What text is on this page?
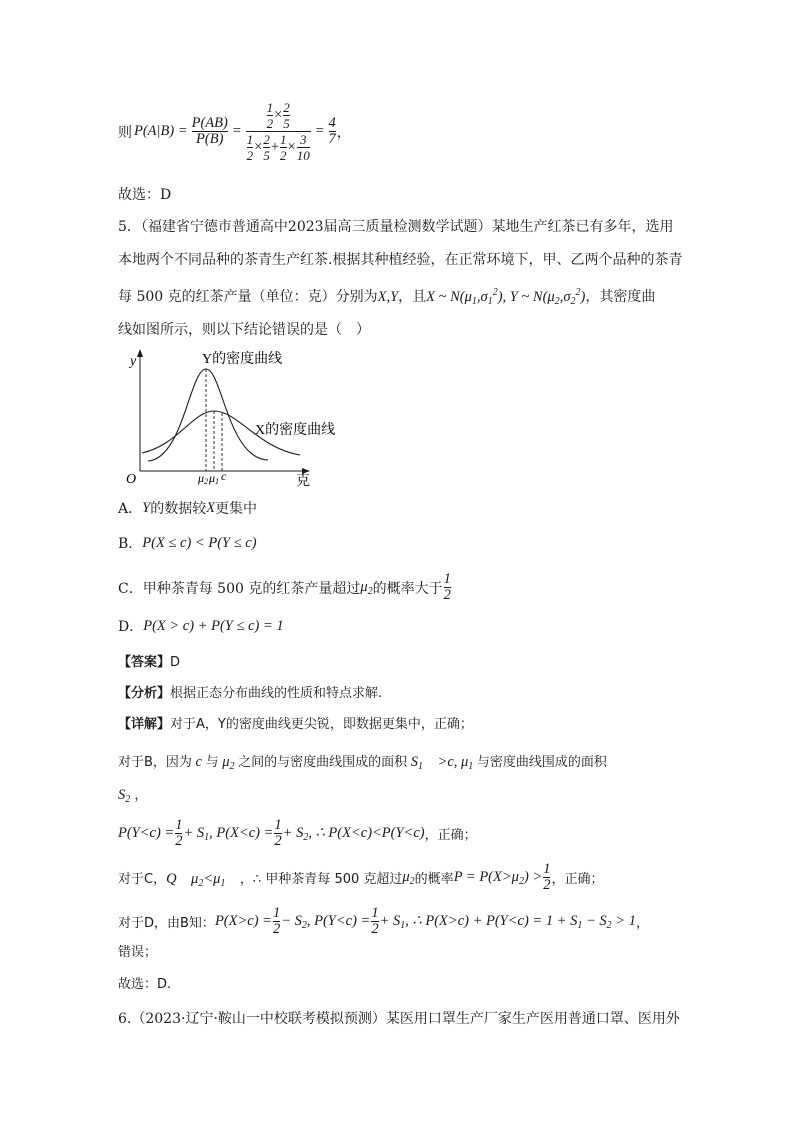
则 $P(A|B) = \frac{P(AB)}{P(B)} = \frac{1}{2} \times \frac{2}{5}$
$\frac{1}{2} \times \frac{2}{5} + \frac{1}{2} \times \frac{3}{10}$
= $\frac{4}{7}$ ，
故选：D
5．（福建省宁德市普通高中2023届高三质量检测数学试题）某地生产红茶已有多年，选用
本地两个不同品种的茶青生产红茶.根据其种植经验，在正常环境下，甲、乙两个品种的茶青
每 500 克的红茶产量（单位：克）分别为X,Y，且X ~ $N(\mu_1,\sigma_1^2)$, Y ~ $N(\mu_2,\sigma_2^2)$，其密度曲
线如图所示，则以下结论错误的是（　）
y
O	克
μ2 μ1 c
Y的密度曲线
X的密度曲线
A． Y 的数据较 X 更集中
B． P(X ≤ c) < P(Y ≤ c)
C． 甲种茶青每 500 克的红茶产量超过 $\mu_2$ 的概率大于 $\frac{1}{2}$
D． P(X > c) + P(Y ≤ c) = 1
【答案】D
【分析】根据正态分布曲线的性质和特点求解.
【详解】对于A，Y的密度曲线更尖锐，即数据更集中，正确；
对于B，因为 c 与 $\mu_2$ 之间的与密度曲线围成的面积 $S_1$　>c, $\mu_1$ 与密度曲线围成的面积
$S_2$ ，
$P(Y<c) = \frac{1}{2} + S_1$, $P(X<c) = \frac{1}{2} + S_2$, ∴ P(X<c)<P(Y<c) ，正确；
对于C， Q　$\mu_2<\mu_1$　	，∴ 甲种茶青每 500 克超过 $\mu_2$ 的概率 $P = P(X>\mu_2) > \frac{1}{2}$ ，正确；
对于D，由B知： $P(X>c) = \frac{1}{2} - S_2$, $P(Y<c) = \frac{1}{2} + S_1$, ∴ $P(X>c) + P(Y<c) = 1 + S_1 - S_2 > 1$ ，
错误；
故选：D.
6.（2023·辽宁·鞍山一中校联考模拟预测）某医用口罩生产厂家生产医用普通口罩、医用外
